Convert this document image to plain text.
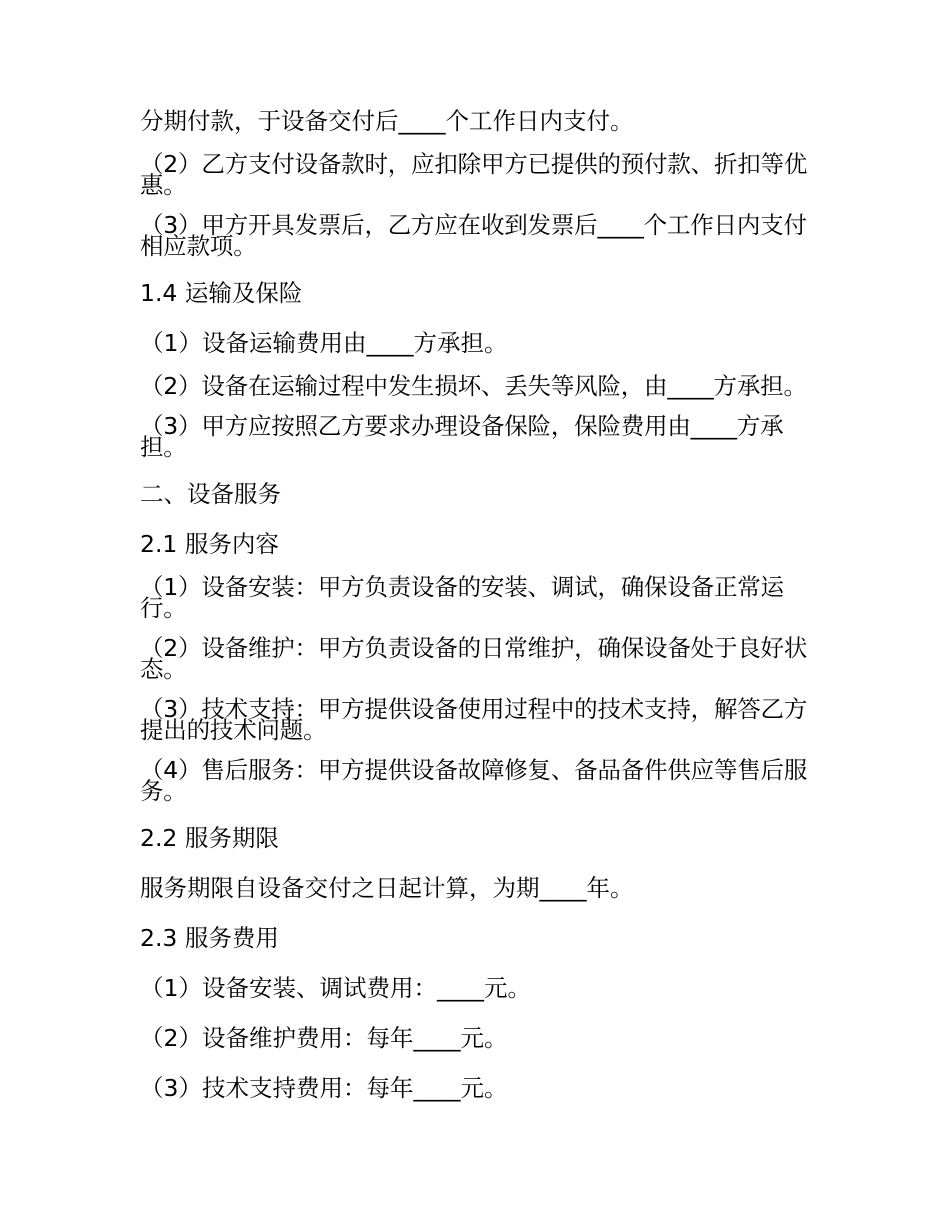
分期付款，于设备交付后____个工作日内支付。

（2）乙方支付设备款时，应扣除甲方已提供的预付款、折扣等优惠。

（3）甲方开具发票后，乙方应在收到发票后____个工作日内支付相应款项。

1.4 运输及保险

（1）设备运输费用由____方承担。

（2）设备在运输过程中发生损坏、丢失等风险，由____方承担。

（3）甲方应按照乙方要求办理设备保险，保险费用由____方承担。

二、设备服务

2.1 服务内容

（1）设备安装：甲方负责设备的安装、调试，确保设备正常运行。

（2）设备维护：甲方负责设备的日常维护，确保设备处于良好状态。

（3）技术支持：甲方提供设备使用过程中的技术支持，解答乙方提出的技术问题。

（4）售后服务：甲方提供设备故障修复、备品备件供应等售后服务。

2.2 服务期限

服务期限自设备交付之日起计算，为期____年。

2.3 服务费用

（1）设备安装、调试费用：____元。

（2）设备维护费用：每年____元。

（3）技术支持费用：每年____元。
